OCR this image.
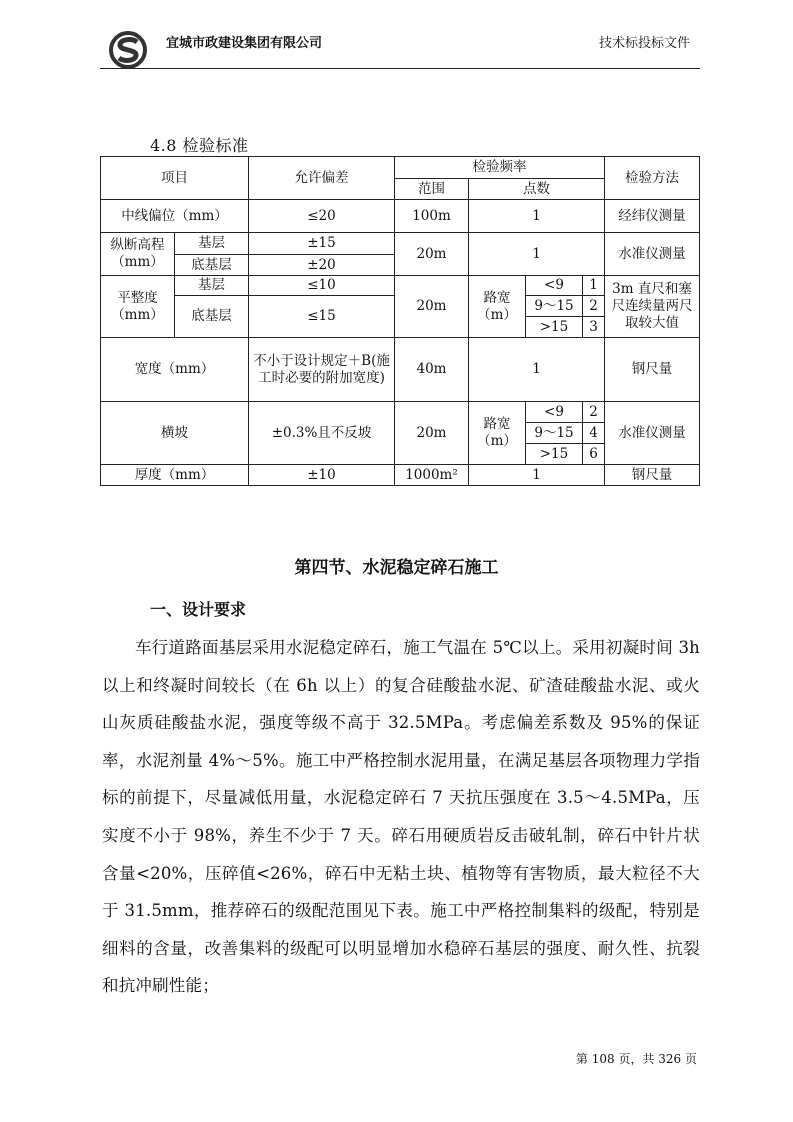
宜城市政建设集团有限公司	技术标投标文件
4.8 检验标准
项目		允许偏差	检验频率				检验方法
			范围	点数			
中线偏位（mm）		≤20	100m	1			经纬仪测量
纵断高程（mm）	基层	±15	20m	1			水准仪测量
	底基层	±20					
平整度（mm）	基层	≤10	20m	路宽（m）	<9	1	3m 直尺和塞尺连续量两尺取较大值
	底基层	≤15			9～15	2	
					>15	3	
宽度（mm）		不小于设计规定＋B(施工时必要的附加宽度)	40m	1			钢尺量
横坡		±0.3%且不反坡	20m	路宽（m）	<9	2	水准仪测量
					9～15	4	
					>15	6	
厚度（mm）		±10	1000m²	1			钢尺量
第四节、水泥稳定碎石施工
一、设计要求

车行道路面基层采用水泥稳定碎石，施工气温在 5℃以上。采用初凝时间 3h 以上和终凝时间较长（在 6h 以上）的复合硅酸盐水泥、矿渣硅酸盐水泥、或火山灰质硅酸盐水泥，强度等级不高于 32.5MPa。考虑偏差系数及 95%的保证率，水泥剂量 4%～5%。施工中严格控制水泥用量，在满足基层各项物理力学指标的前提下，尽量减低用量，水泥稳定碎石 7 天抗压强度在 3.5～4.5MPa，压实度不小于 98%，养生不少于 7 天。碎石用硬质岩反击破轧制，碎石中针片状含量<20%，压碎值<26%，碎石中无粘土块、植物等有害物质，最大粒径不大于 31.5mm，推荐碎石的级配范围见下表。施工中严格控制集料的级配，特别是细料的含量，改善集料的级配可以明显增加水稳碎石基层的强度、耐久性、抗裂和抗冲刷性能；

第 108 页，共 326 页
